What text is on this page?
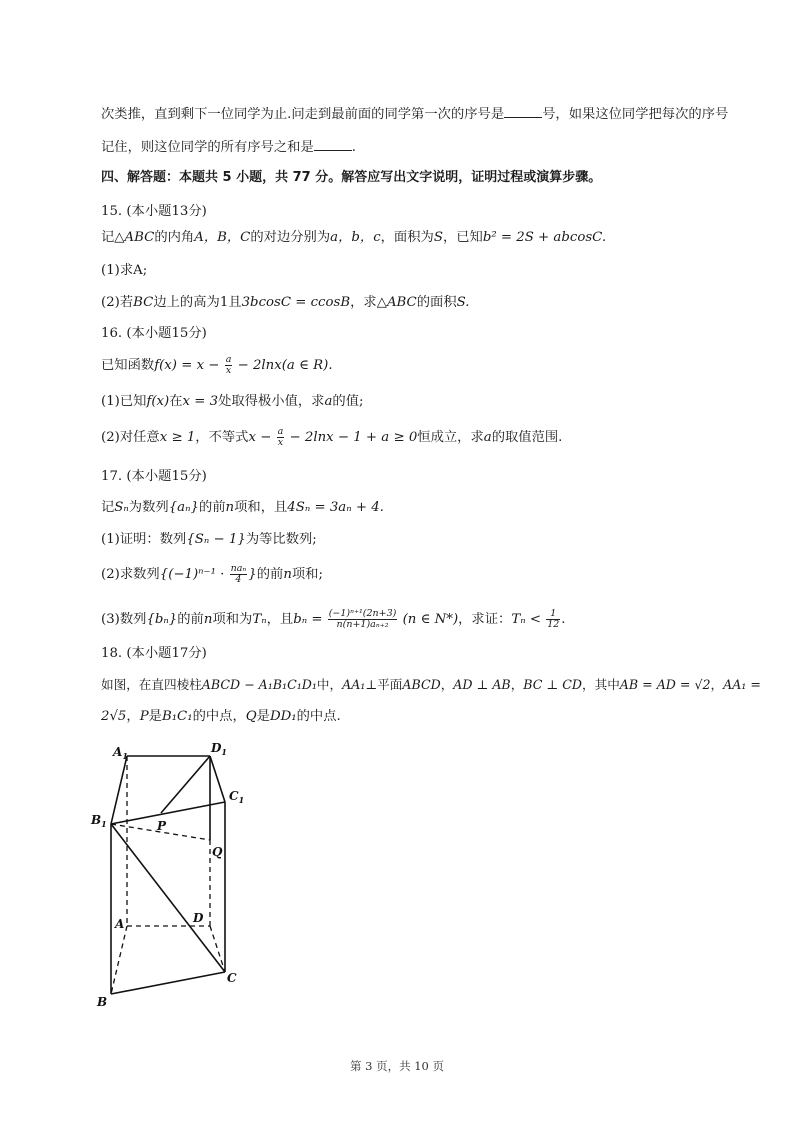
次类推，直到剩下一位同学为止.问走到最前面的同学第一次的序号是	号，如果这位同学把每次的序号
记住，则这位同学的所有序号之和是	.
四、解答题：本题共 5 小题，共 77 分。解答应写出文字说明，证明过程或演算步骤。
15. (本小题13分)
记△ABC的内角A，B，C的对边分别为a，b，c，面积为S，已知b² = 2S + abcosC.
(1)求A;
(2)若BC边上的高为1且3bcosC = ccosB，求△ABC的面积S.
16. (本小题15分)
已知函数$f(x) = x - \frac{a}{x} - 2\ln x(a$ ∈ R).
(1)已知f(x)在x = 3处取得极小值，求a的值;
(2)对任意x ≥ 1，不等式$x - \frac{a}{x} - 2\ln x - 1 + a \ge 0$恒成立，求a的取值范围.
17. (本小题15分)
记Sₙ为数列{aₙ}的前n项和，且4Sₙ = 3aₙ + 4.
(1)证明：数列{Sₙ − 1}为等比数列;
(2)求数列{$(-1)^{n-1} \cdot \frac{\text{naₙ}}{4}$ }的前n项和;
(3)数列{bₙ}的前n项和为Tₙ，且$b_n = \frac{\text{(−1)ⁿ⁺¹(2n+3)}}{\text{n(n+1)aₙ₊₂}} (n$ ∈ N*)，求证：$T_n < \frac{1}{12}$ .
18. (本小题17分)
如图，在直四棱柱ABCD − A₁B₁C₁D₁中，AA₁⊥平面ABCD，AD ⊥ AB，BC ⊥ CD，其中AB = AD = √2，AA₁ =
2√5，P是B₁C₁的中点，Q是DD₁的中点.
$A_1$
$D_1$
$C_1$
$B_1$	P
Q
A	D
C
B
第 3 页，共 10 页
